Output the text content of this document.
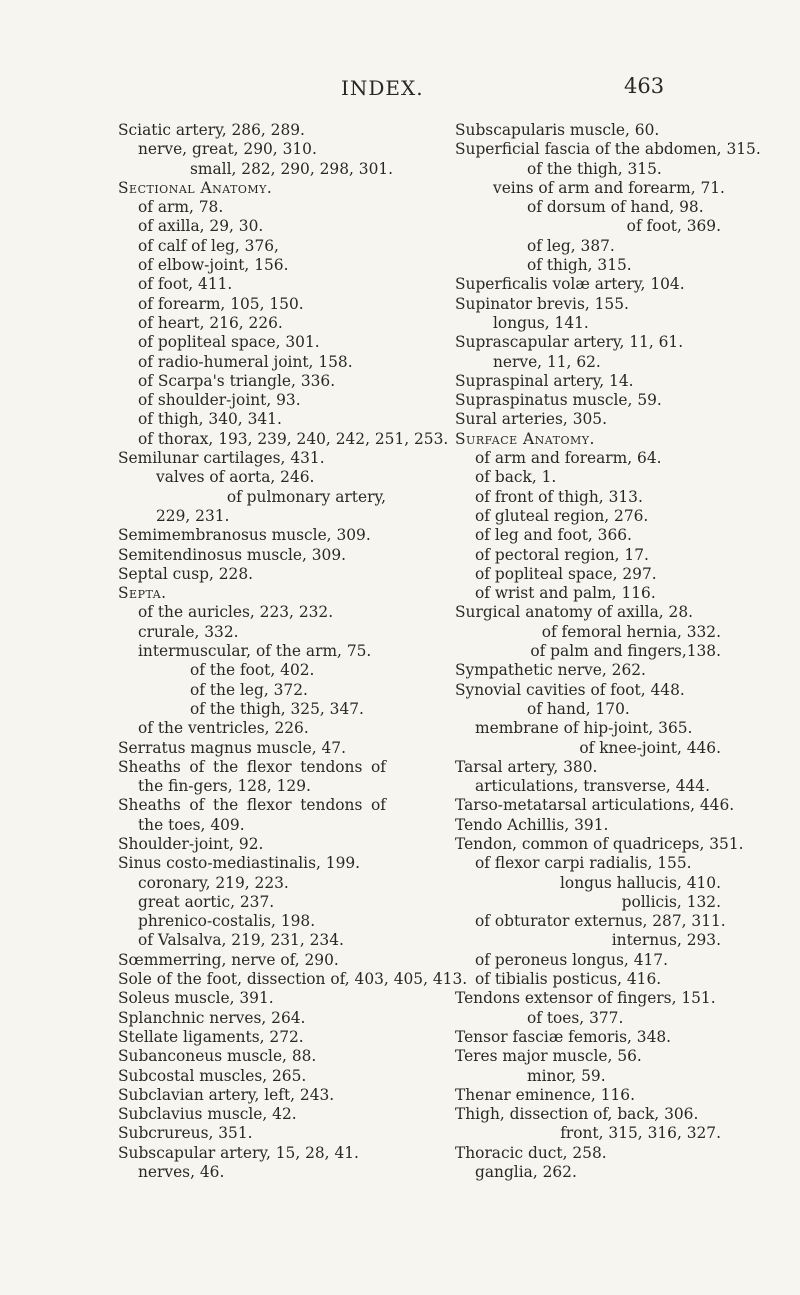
INDEX.	463
Sciatic artery, 286, 289.
nerve, great, 290, 310.
small, 282, 290, 298, 301.
Sectional Anatomy.
of arm, 78.
of axilla, 29, 30.
of calf of leg, 376,
of elbow-joint, 156.
of foot, 411.
of forearm, 105, 150.
of heart, 216, 226.
of popliteal space, 301.
of radio-humeral joint, 158.
of Scarpa's triangle, 336.
of shoulder-joint, 93.
of thigh, 340, 341.
of thorax, 193, 239, 240, 242, 251, 253.
Semilunar cartilages, 431.
valves of aorta, 246.
of pulmonary artery,
229, 231.
Semimembranosus muscle, 309.
Semitendinosus muscle, 309.
Septal cusp, 228.
Septa.
of the auricles, 223, 232.
crurale, 332.
intermuscular, of the arm, 75.
of the foot, 402.
of the leg, 372.
of the thigh, 325, 347.
of the ventricles, 226.
Serratus magnus muscle, 47.
Sheaths of the flexor tendons of the fin-gers, 128, 129.
Sheaths of the flexor tendons of the toes, 409.
Shoulder-joint, 92.
Sinus costo-mediastinalis, 199.
coronary, 219, 223.
great aortic, 237.
phrenico-costalis, 198.
of Valsalva, 219, 231, 234.
Sœmmerring, nerve of, 290.
Sole of the foot, dissection of, 403, 405, 413.
Soleus muscle, 391.
Splanchnic nerves, 264.
Stellate ligaments, 272.
Subanconeus muscle, 88.
Subcostal muscles, 265.
Subclavian artery, left, 243.
Subclavius muscle, 42.
Subcrureus, 351.
Subscapular artery, 15, 28, 41.
nerves, 46.
Subscapularis muscle, 60.
Superficial fascia of the abdomen, 315.
of the thigh, 315.
veins of arm and forearm, 71.
of dorsum of hand, 98.
of foot, 369.
of leg, 387.
of thigh, 315.
Superficalis volæ artery, 104.
Supinator brevis, 155.
longus, 141.
Suprascapular artery, 11, 61.
nerve, 11, 62.
Supraspinal artery, 14.
Supraspinatus muscle, 59.
Sural arteries, 305.
Surface Anatomy.
of arm and forearm, 64.
of back, 1.
of front of thigh, 313.
of gluteal region, 276.
of leg and foot, 366.
of pectoral region, 17.
of popliteal space, 297.
of wrist and palm, 116.
Surgical anatomy of axilla, 28.
of femoral hernia, 332.
of palm and fingers,138.
Sympathetic nerve, 262.
Synovial cavities of foot, 448.
of hand, 170.
membrane of hip-joint, 365.
of knee-joint, 446.
Tarsal artery, 380.
articulations, transverse, 444.
Tarso-metatarsal articulations, 446.
Tendo Achillis, 391.
Tendon, common of quadriceps, 351.
of flexor carpi radialis, 155.
longus hallucis, 410.
pollicis, 132.
of obturator externus, 287, 311.
internus, 293.
of peroneus longus, 417.
of tibialis posticus, 416.
Tendons extensor of fingers, 151.
of toes, 377.
Tensor fasciæ femoris, 348.
Teres major muscle, 56.
minor, 59.
Thenar eminence, 116.
Thigh, dissection of, back, 306.
front, 315, 316, 327.
Thoracic duct, 258.
ganglia, 262.
